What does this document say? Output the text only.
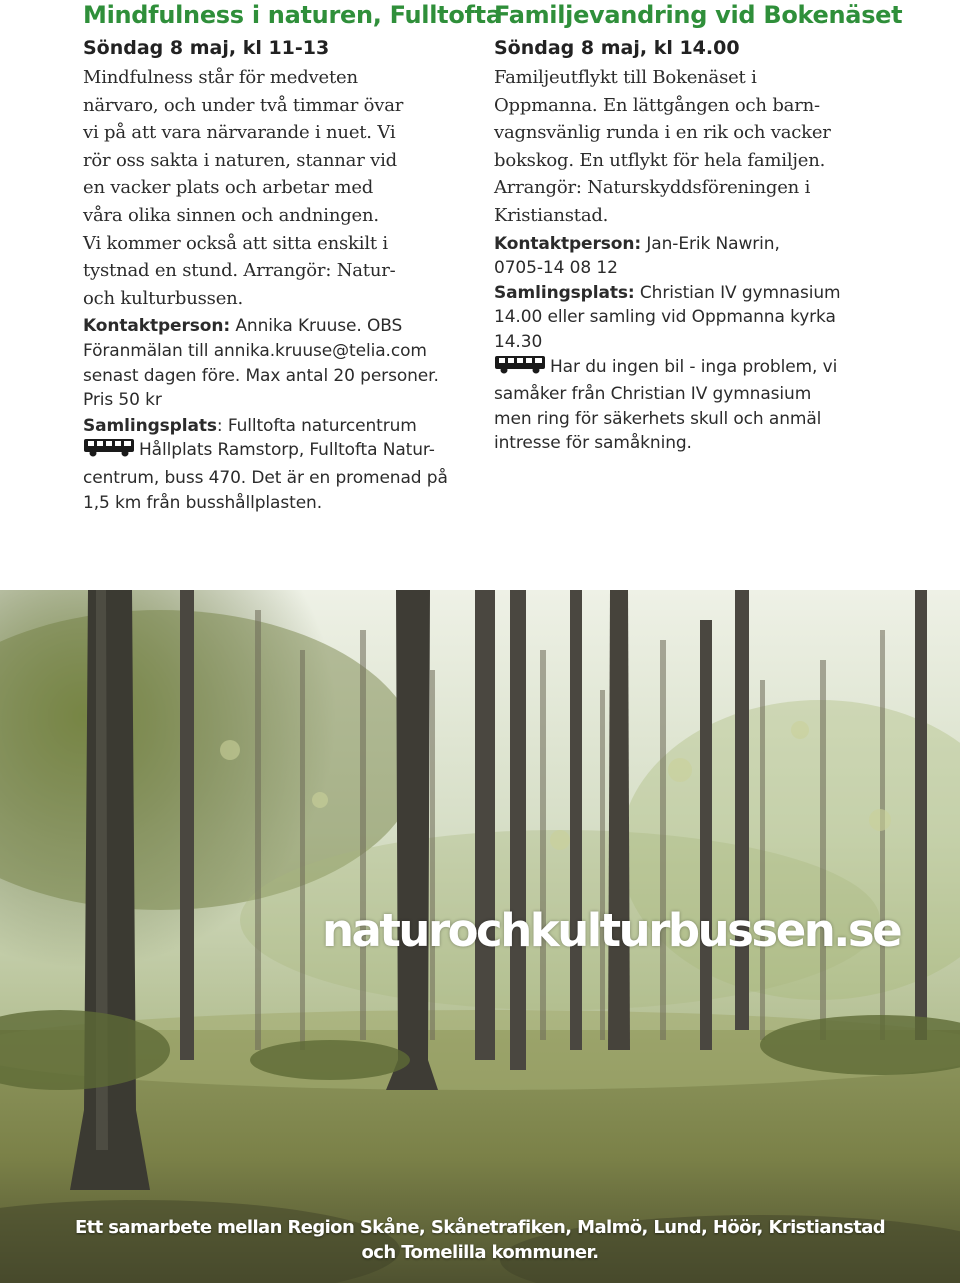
Mindfulness i naturen, Fulltofta
Söndag 8 maj, kl 11-13
Mindfulness står för medveten
närvaro, och under två timmar övar
vi på att vara närvarande i nuet. Vi
rör oss sakta i naturen, stannar vid
en vacker plats och arbetar med
våra olika sinnen och andningen.
Vi kommer också att sitta enskilt i
tystnad en stund. Arrangör: Natur-
och kulturbussen.
Kontaktperson: Annika Kruuse. OBS
Föranmälan till annika.kruuse@telia.com
senast dagen före. Max antal 20 personer.
Pris 50 kr
Samlingsplats: Fulltofta naturcentrum
Hållplats Ramstorp, Fulltofta Natur-
centrum, buss 470. Det är en promenad på
1,5 km från busshållplasten.
Familjevandring vid Bokenäset
Söndag 8 maj, kl 14.00
Familjeutflykt till Bokenäset i
Oppmanna. En lättgången och barn-
vagnsvänlig runda i en rik och vacker
bokskog. En utflykt för hela familjen.
Arrangör: Naturskyddsföreningen i
Kristianstad.
Kontaktperson: Jan-Erik Nawrin,
0705-14 08 12
Samlingsplats: Christian IV gymnasium
14.00 eller samling vid Oppmanna kyrka
14.30
Har du ingen bil - inga problem, vi
samåker från Christian IV gymnasium
men ring för säkerhets skull och anmäl
intresse för samåkning.
naturochkulturbussen.se
Ett samarbete mellan Region Skåne, Skånetrafiken, Malmö, Lund, Höör, Kristianstad
och Tomelilla kommuner.
